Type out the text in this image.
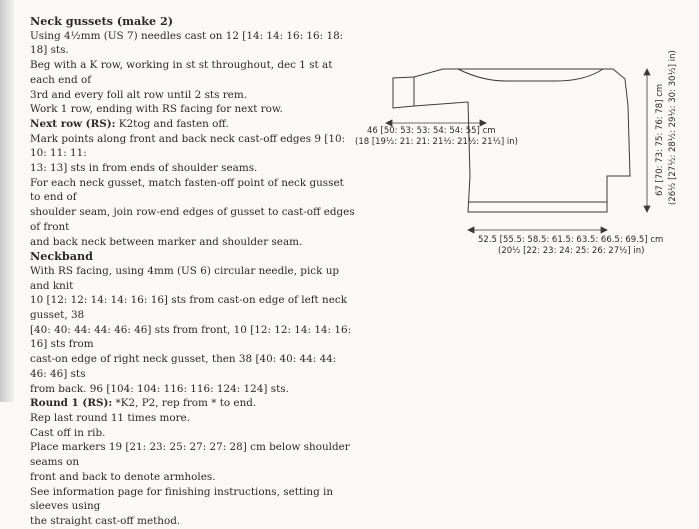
Neck gussets (make 2)

Using 4½mm (US 7) needles cast on 12 [14: 14: 16: 16: 18: 18] sts.

Beg with a K row, working in st st throughout, dec 1 st at each end of

3rd and every foll alt row until 2 sts rem.

Work 1 row, ending with RS facing for next row.

Next row (RS): K2tog and fasten off.

Mark points along front and back neck cast-off edges 9 [10: 10: 11: 11:

13: 13] sts in from ends of shoulder seams.

For each neck gusset, match fasten-off point of neck gusset to end of

shoulder seam, join row-end edges of gusset to cast-off edges of front

and back neck between marker and shoulder seam.

Neckband

With RS facing, using 4mm (US 6) circular needle, pick up and knit

10 [12: 12: 14: 14: 16: 16] sts from cast-on edge of left neck gusset, 38

[40: 40: 44: 44: 46: 46] sts from front, 10 [12: 12: 14: 14: 16: 16] sts from

cast-on edge of right neck gusset, then 38 [40: 40: 44: 44: 46: 46] sts

from back. 96 [104: 104: 116: 116: 124: 124] sts.

Round 1 (RS): *K2, P2, rep from * to end.

Rep last round 11 times more.

Cast off in rib.

Place markers 19 [21: 23: 25: 27: 27: 28] cm below shoulder seams on

front and back to denote armholes.

See information page for finishing instructions, setting in sleeves using

the straight cast-off method.

46 [50: 53: 53: 54: 54: 55] cm
(18 [19½: 21: 21: 21½: 21½: 21½] in)
52.5 [55.5: 58.5: 61.5: 63.5: 66.5: 69.5] cm
(20½ [22: 23: 24: 25: 26: 27½] in)
67 [70: 73: 75: 76: 78] cm (26½ [27½: 28½: 29½: 30: 30½] in)
